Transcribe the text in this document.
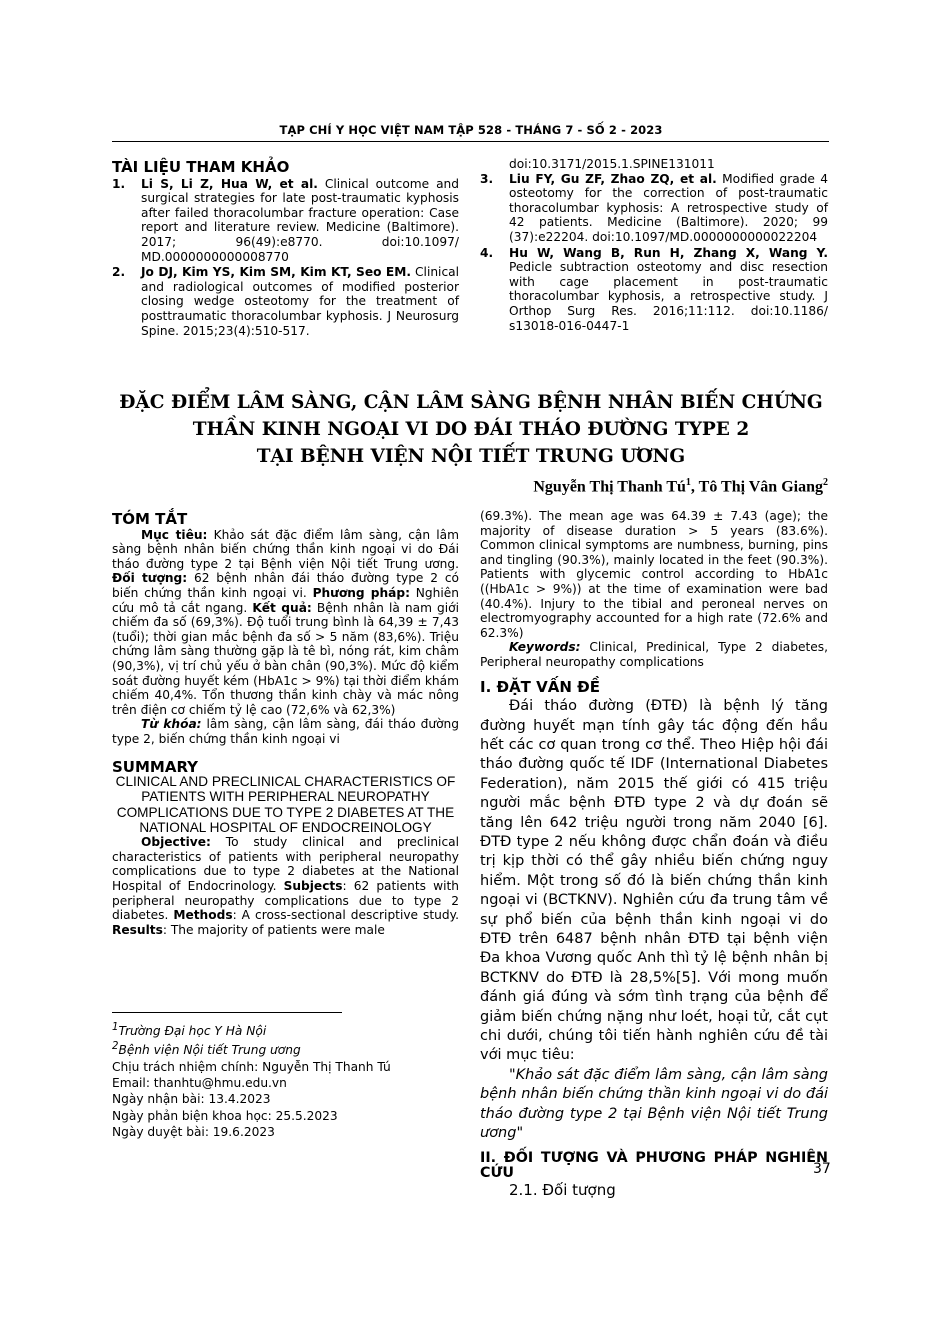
TẠP CHÍ Y HỌC VIỆT NAM TẬP 528 - THÁNG 7 - SỐ 2 - 2023
TÀI LIỆU THAM KHẢO
1. Li S, Li Z, Hua W, et al. Clinical outcome and surgical strategies for late post-traumatic kyphosis after failed thoracolumbar fracture operation: Case report and literature review. Medicine (Baltimore). 2017; 96(49):e8770. doi:10.1097/ MD.0000000000008770
2. Jo DJ, Kim YS, Kim SM, Kim KT, Seo EM. Clinical and radiological outcomes of modified posterior closing wedge osteotomy for the treatment of posttraumatic thoracolumbar kyphosis. J Neurosurg Spine. 2015;23(4):510-517.
doi:10.3171/2015.1.SPINE131011
3. Liu FY, Gu ZF, Zhao ZQ, et al. Modified grade 4 osteotomy for the correction of post-traumatic thoracolumbar kyphosis: A retrospective study of 42 patients. Medicine (Baltimore). 2020; 99 (37):e22204. doi:10.1097/MD.0000000000022204
4. Hu W, Wang B, Run H, Zhang X, Wang Y. Pedicle subtraction osteotomy and disc resection with cage placement in post-traumatic thoracolumbar kyphosis, a retrospective study. J Orthop Surg Res. 2016;11:112. doi:10.1186/ s13018-016-0447-1
ĐẶC ĐIỂM LÂM SÀNG, CẬN LÂM SÀNG BỆNH NHÂN BIẾN CHỨNG
THẦN KINH NGOẠI VI DO ĐÁI THÁO ĐƯỜNG TYPE 2
TẠI BỆNH VIỆN NỘI TIẾT TRUNG ƯƠNG
Nguyễn Thị Thanh $Tú^1$, Tô Thị Vân Giang$^2$
TÓM TẮT

Mục tiêu: Khảo sát đặc điểm lâm sàng, cận lâm sàng bệnh nhân biến chứng thần kinh ngoại vi do Đái tháo đường type 2 tại Bệnh viện Nội tiết Trung ương. Đối tượng: 62 bệnh nhân đái tháo đường type 2 có biến chứng thần kinh ngoại vi. Phương pháp: Nghiên cứu mô tả cắt ngang. Kết quả: Bệnh nhân là nam giới chiếm đa số (69,3%). Độ tuổi trung bình là 64,39 ± 7,43 (tuổi); thời gian mắc bệnh đa số > 5 năm (83,6%). Triệu chứng lâm sàng thường gặp là tê bì, nóng rát, kim châm (90,3%), vị trí chủ yếu ở bàn chân (90,3%). Mức độ kiểm soát đường huyết kém (HbA1c > 9%) tại thời điểm khám chiếm 40,4%. Tổn thương thần kinh chày và mác nông trên điện cơ chiếm tỷ lệ cao (72,6% và 62,3%)

Từ khóa: lâm sàng, cận lâm sàng, đái tháo đường type 2, biến chứng thần kinh ngoại vi

SUMMARY
CLINICAL AND PRECLINICAL CHARACTERISTICS OF PATIENTS WITH PERIPHERAL NEUROPATHY COMPLICATIONS DUE TO TYPE 2 DIABETES AT THE NATIONAL HOSPITAL OF ENDOCREINOLOGY

Objective: To study clinical and preclinical characteristics of patients with peripheral neuropathy complications due to type 2 diabetes at the National Hospital of Endocrinology. Subjects: 62 patients with peripheral neuropathy complications due to type 2 diabetes. Methods: A cross-sectional descriptive study. Results: The majority of patients were male

$^1$Trường Đại học Y Hà Nội
$^2$Bệnh viện Nội tiết Trung ương
Chịu trách nhiệm chính: Nguyễn Thị Thanh Tú
Email: thanhtu@hmu.edu.vn
Ngày nhận bài: 13.4.2023
Ngày phản biện khoa học: 25.5.2023
Ngày duyệt bài: 19.6.2023

(69.3%). The mean age was 64.39 ± 7.43 (age); the majority of disease duration > 5 years (83.6%). Common clinical symptoms are numbness, burning, pins and tingling (90.3%), mainly located in the feet (90.3%). Patients with glycemic control according to HbA1c ((HbA1c > 9%)) at the time of examination were bad (40.4%). Injury to the tibial and peroneal nerves on electromyography accounted for a high rate (72.6% and 62.3%)

Keywords: Clinical, Predinical, Type 2 diabetes, Peripheral neuropathy complications

I. ĐẶT VẤN ĐỀ

Đái tháo đường (ĐTĐ) là bệnh lý tăng đường huyết mạn tính gây tác động đến hầu hết các cơ quan trong cơ thể. Theo Hiệp hội đái tháo đường quốc tế IDF (International Diabetes Federation), năm 2015 thế giới có 415 triệu người mắc bệnh ĐTĐ type 2 và dự đoán sẽ tăng lên 642 triệu người trong năm 2040 [6]. ĐTĐ type 2 nếu không được chẩn đoán và điều trị kịp thời có thể gây nhiều biến chứng nguy hiểm. Một trong số đó là biến chứng thần kinh ngoại vi (BCTKNV). Nghiên cứu đa trung tâm về sự phổ biến của bệnh thần kinh ngoại vi do ĐTĐ trên 6487 bệnh nhân ĐTĐ tại bệnh viện Đa khoa Vương quốc Anh thì tỷ lệ bệnh nhân bị BCTKNV do ĐTĐ là 28,5%[5]. Với mong muốn đánh giá đúng và sớm tình trạng của bệnh để giảm biến chứng nặng như loét, hoại tử, cắt cụt chi dưới, chúng tôi tiến hành nghiên cứu đề tài với mục tiêu:

"Khảo sát đặc điểm lâm sàng, cận lâm sàng bệnh nhân biến chứng thần kinh ngoại vi do đái tháo đường type 2 tại Bệnh viện Nội tiết Trung ương"

II. ĐỐI TƯỢNG VÀ PHƯƠNG PHÁP NGHIÊN CỨU
2.1. Đối tượng
37
